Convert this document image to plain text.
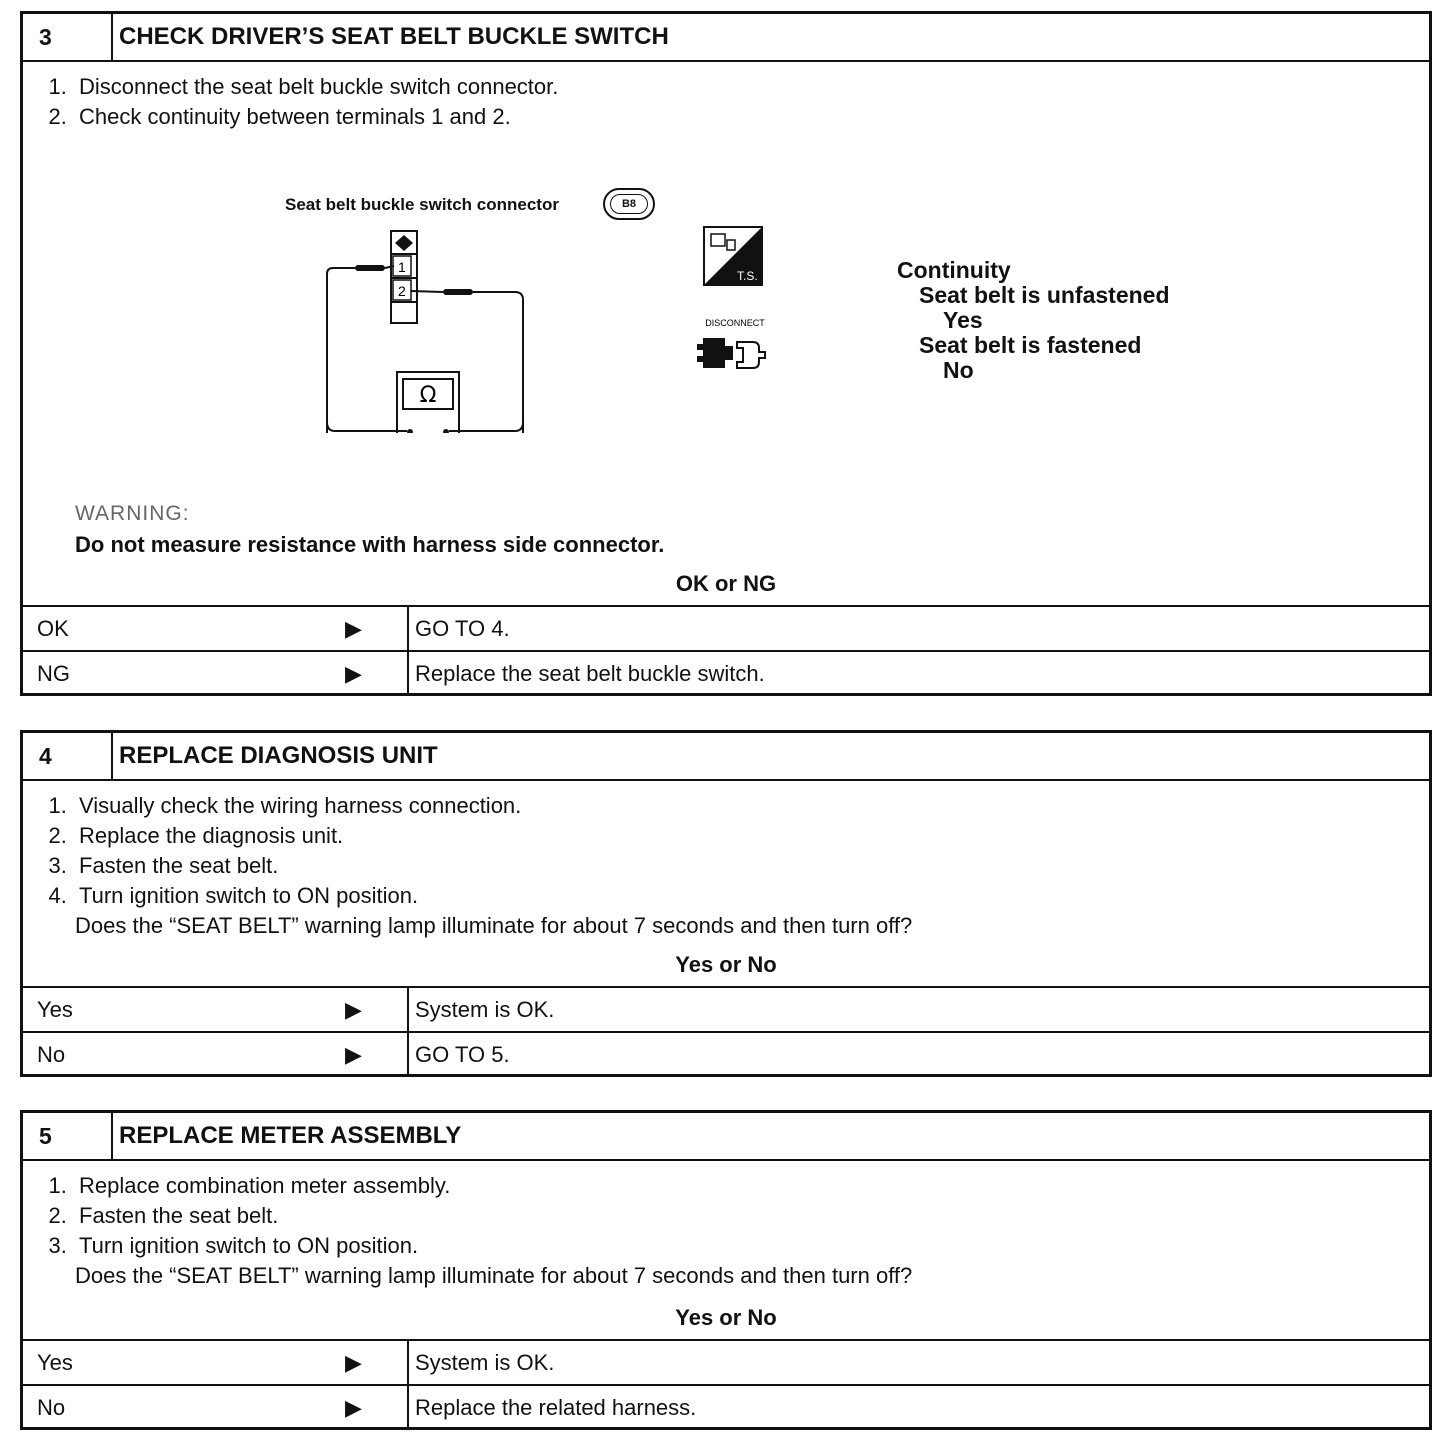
3	CHECK DRIVER’S SEAT BELT BUCKLE SWITCH
1. Disconnect the seat belt buckle switch connector.
2. Check continuity between terminals 1 and 2.
Seat belt buckle switch connector	B8
1
2
Ω
T.S.
DISCONNECT
Continuity
Seat belt is unfastened
Yes
Seat belt is fastened
No
WARNING:
Do not measure resistance with harness side connector.
OK or NG
OK	▶ GO TO 4.
NG	▶ Replace the seat belt buckle switch.
4	REPLACE DIAGNOSIS UNIT
1. Visually check the wiring harness connection.
2. Replace the diagnosis unit.
3. Fasten the seat belt.
4. Turn ignition switch to ON position.
Does the “SEAT BELT” warning lamp illuminate for about 7 seconds and then turn off?
Yes or No
Yes	▶ System is OK.
No	▶ GO TO 5.
5	REPLACE METER ASSEMBLY
1. Replace combination meter assembly.
2. Fasten the seat belt.
3. Turn ignition switch to ON position.
Does the “SEAT BELT” warning lamp illuminate for about 7 seconds and then turn off?
Yes or No
Yes	▶ System is OK.
No	▶ Replace the related harness.
